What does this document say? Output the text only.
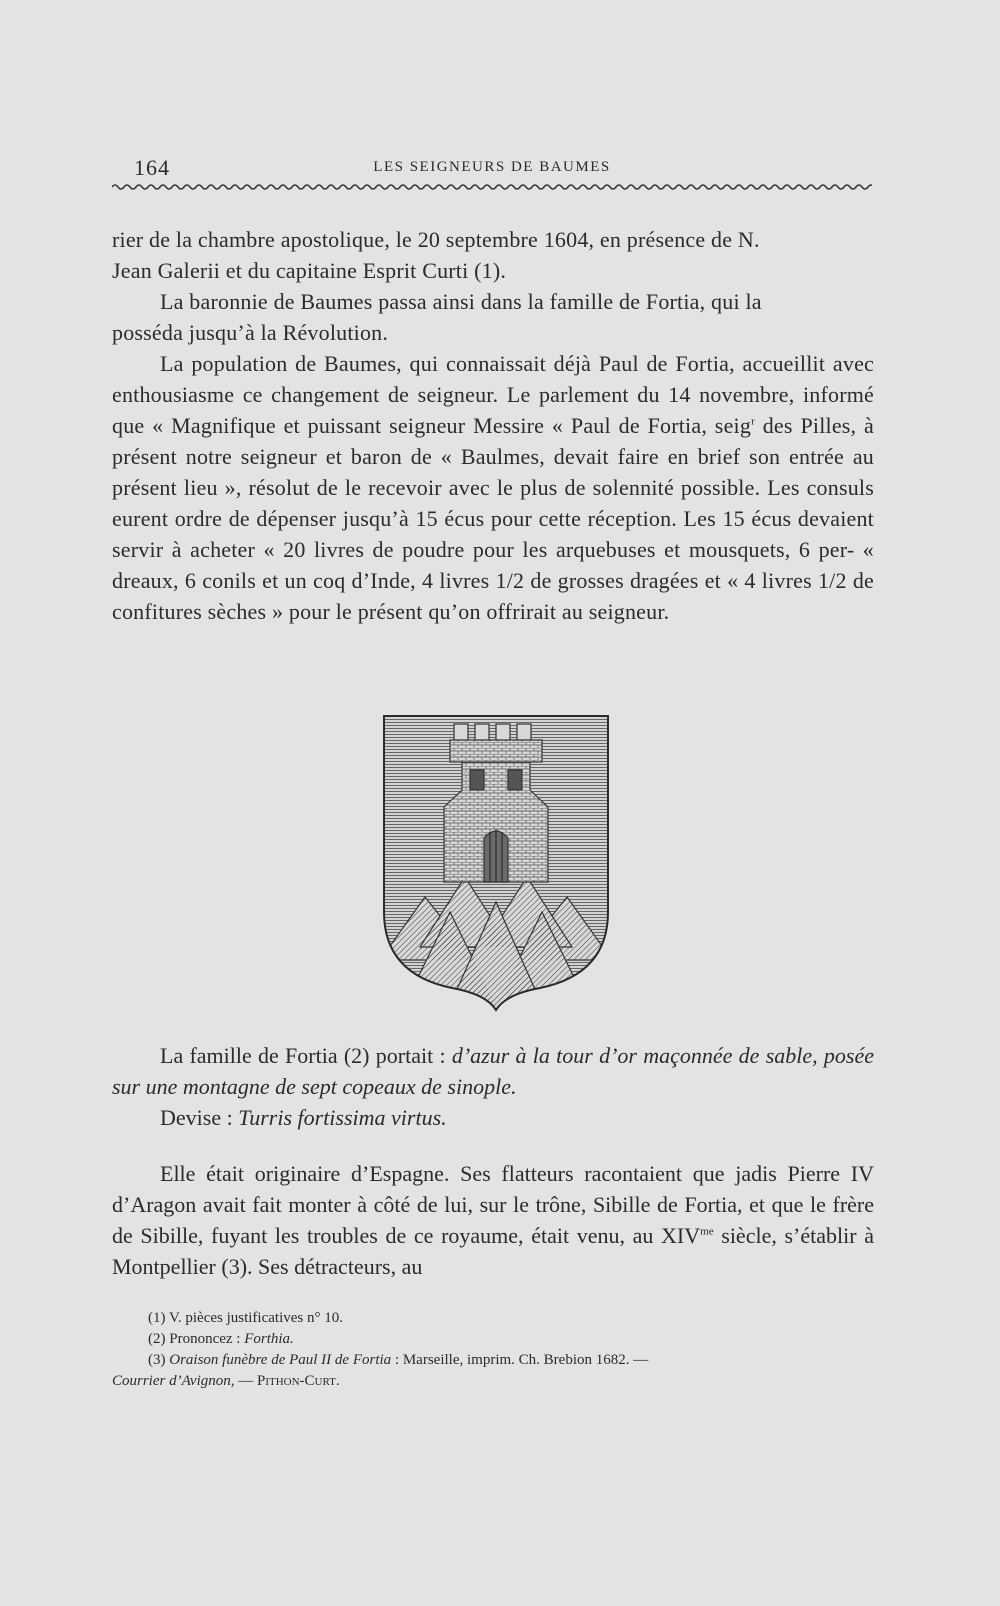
164	LES SEIGNEURS DE BAUMES

rier de la chambre apostolique, le 20 septembre 1604, en présence de N.
Jean Galerii et du capitaine Esprit Curti (1).

La baronnie de Baumes passa ainsi dans la famille de Fortia, qui la
posséda jusqu’à la Révolution.

La population de Baumes, qui connaissait déjà Paul de Fortia, accueillit avec enthousiasme ce changement de seigneur. Le parlement du 14 novembre, informé que « Magnifique et puissant seigneur Messire « Paul de Fortia, seig$^r$ des Pilles, à présent notre seigneur et baron de « Baulmes, devait faire en brief son entrée au présent lieu », résolut de le recevoir avec le plus de solennité possible. Les consuls eurent ordre de dépenser jusqu’à 15 écus pour cette réception. Les 15 écus devaient servir à acheter « 20 livres de poudre pour les arquebuses et mousquets, 6 per- « dreaux, 6 conils et un coq d’Inde, 4 livres 1/2 de grosses dragées et « 4 livres 1/2 de confitures sèches » pour le présent qu’on offrirait au seigneur.

La famille de Fortia (2) portait : d’azur à la tour d’or maçonnée de sable, posée sur une montagne de sept copeaux de sinople.

Devise : Turris fortissima virtus.

Elle était originaire d’Espagne. Ses flatteurs racontaient que jadis Pierre IV d’Aragon avait fait monter à côté de lui, sur le trône, Sibille de Fortia, et que le frère de Sibille, fuyant les troubles de ce royaume, était venu, au $XIV^{me}$ siècle, s’établir à Montpellier (3). Ses détracteurs, au

(1) V. pièces justificatives n° 10.

(2) Prononcez : Forthia.

(3) Oraison funèbre de Paul II de Fortia : Marseille, imprim. Ch. Brebion 1682. —

Courrier d’Avignon, — Pithon-Curt.
